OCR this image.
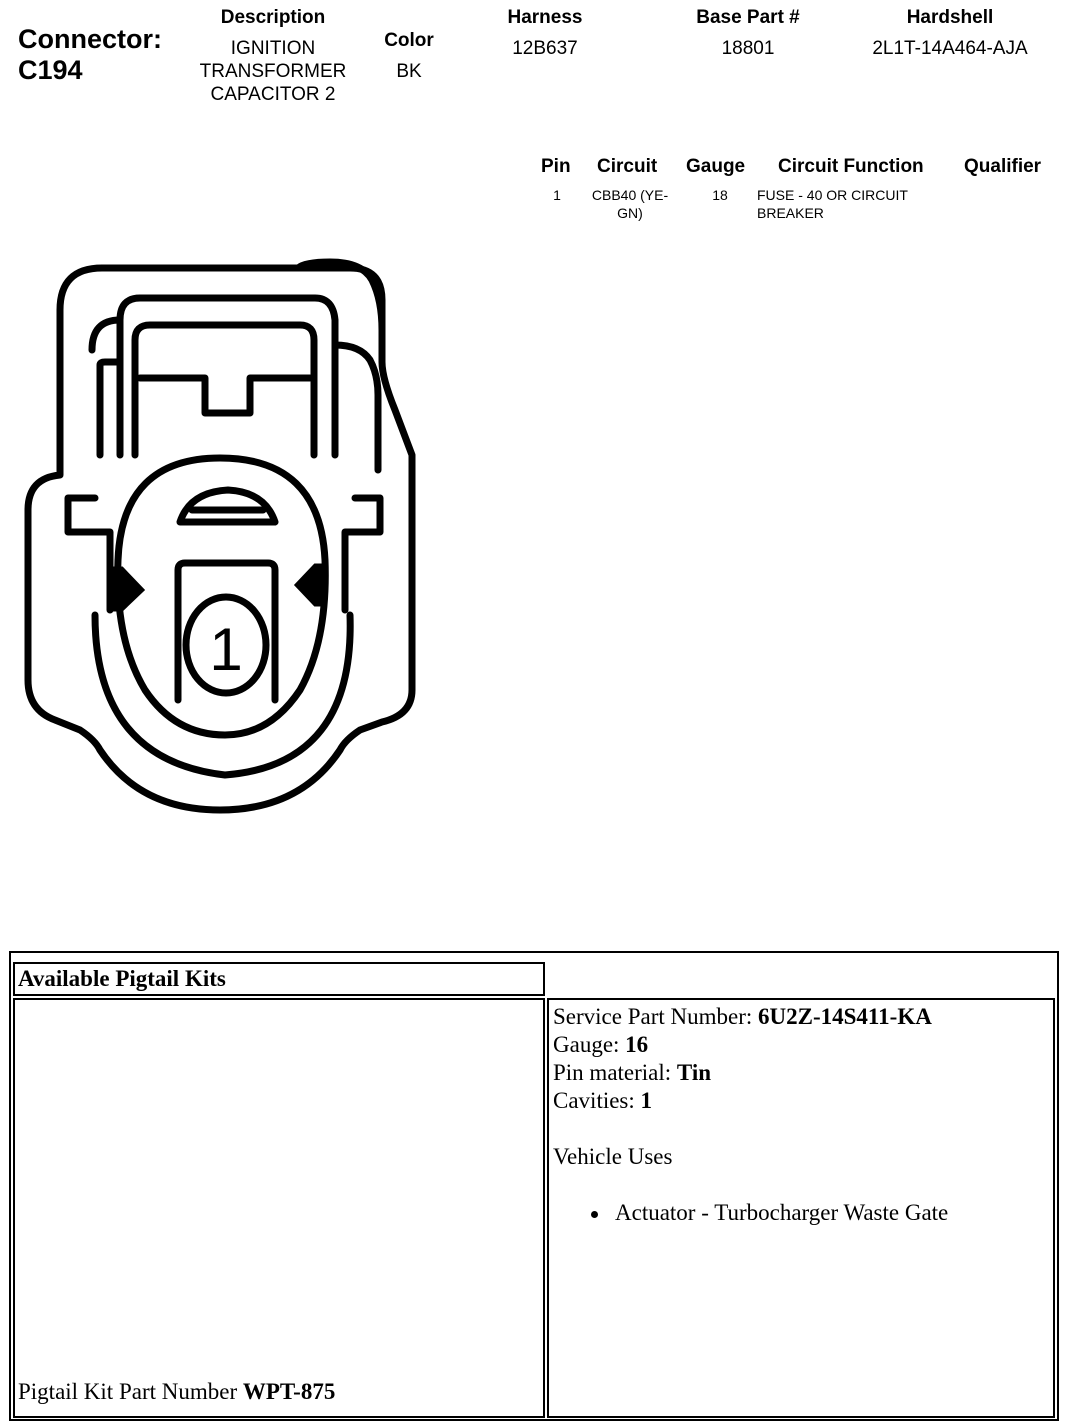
Connector:
C194
Description
IGNITION
TRANSFORMER
CAPACITOR 2
Color
BK
Harness
12B637
Base Part #
18801
Hardshell
2L1T-14A464-AJA
Pin Circuit Gauge Circuit Function Qualifier
1	CBB40 (YE-
GN)
18	FUSE - 40 OR CIRCUIT
BREAKER
1
Available Pigtail Kits
Pigtail Kit Part Number WPT-875
Service Part Number: 6U2Z-14S411-KA
Gauge: 16
Pin material: Tin
Cavities: 1
Vehicle Uses
Actuator - Turbocharger Waste Gate
